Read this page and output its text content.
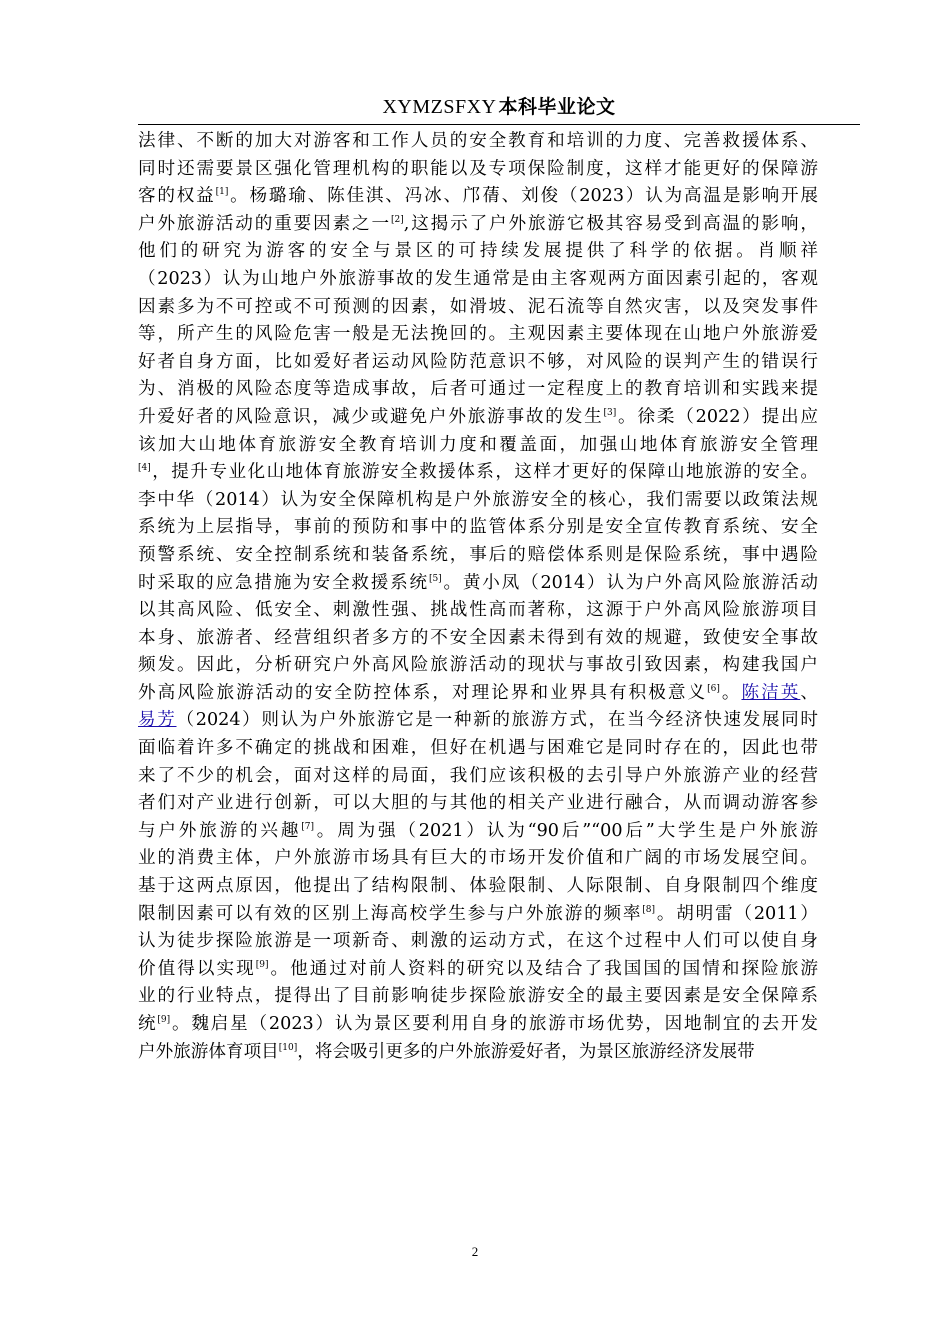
XYMZSFXY 本科毕业论文
法律、不断的加大对游客和工作人员的安全教育和培训的力度、完善救援体系、
同时还需要景区强化管理机构的职能以及专项保险制度，这样才能更好的保障游
客的权益[1]。杨璐瑜、陈佳淇、冯冰、邝蒨、刘俊（2023）认为高温是影响开展
户外旅游活动的重要因素之一[2],这揭示了户外旅游它极其容易受到高温的影响，
他们的研究为游客的安全与景区的可持续发展提供了科学的依据。肖顺祥
（2023）认为山地户外旅游事故的发生通常是由主客观两方面因素引起的，客观
因素多为不可控或不可预测的因素，如滑坡、泥石流等自然灾害，以及突发事件
等，所产生的风险危害一般是无法挽回的。主观因素主要体现在山地户外旅游爱
好者自身方面，比如爱好者运动风险防范意识不够，对风险的误判产生的错误行
为、消极的风险态度等造成事故，后者可通过一定程度上的教育培训和实践来提
升爱好者的风险意识，减少或避免户外旅游事故的发生[3]。徐柔（2022）提出应
该加大山地体育旅游安全教育培训力度和覆盖面，加强山地体育旅游安全管理
[4]，提升专业化山地体育旅游安全救援体系，这样才更好的保障山地旅游的安全。
李中华（2014）认为安全保障机构是户外旅游安全的核心，我们需要以政策法规
系统为上层指导，事前的预防和事中的监管体系分别是安全宣传教育系统、安全
预警系统、安全控制系统和装备系统，事后的赔偿体系则是保险系统，事中遇险
时采取的应急措施为安全救援系统[5]。黄小凤（2014）认为户外高风险旅游活动
以其高风险、低安全、刺激性强、挑战性高而著称，这源于户外高风险旅游项目
本身、旅游者、经营组织者多方的不安全因素未得到有效的规避，致使安全事故
频发。因此，分析研究户外高风险旅游活动的现状与事故引致因素，构建我国户
外高风险旅游活动的安全防控体系，对理论界和业界具有积极意义[6]。陈洁英、
易芳（2024）则认为户外旅游它是一种新的旅游方式，在当今经济快速发展同时
面临着许多不确定的挑战和困难，但好在机遇与困难它是同时存在的，因此也带
来了不少的机会，面对这样的局面，我们应该积极的去引导户外旅游产业的经营
者们对产业进行创新，可以大胆的与其他的相关产业进行融合，从而调动游客参
与户外旅游的兴趣[7]。周为强（2021）认为“90后”“00后”大学生是户外旅游
业的消费主体，户外旅游市场具有巨大的市场开发价值和广阔的市场发展空间。
基于这两点原因，他提出了结构限制、体验限制、人际限制、自身限制四个维度
限制因素可以有效的区别上海高校学生参与户外旅游的频率[8]。胡明雷（2011）
认为徒步探险旅游是一项新奇、刺激的运动方式，在这个过程中人们可以使自身
价值得以实现[9]。他通过对前人资料的研究以及结合了我国国的国情和探险旅游
业的行业特点，提得出了目前影响徒步探险旅游安全的最主要因素是安全保障系
统[9]。魏启星（2023）认为景区要利用自身的旅游市场优势，因地制宜的去开发
户外旅游体育项目[10]，将会吸引更多的户外旅游爱好者，为景区旅游经济发展带
2
